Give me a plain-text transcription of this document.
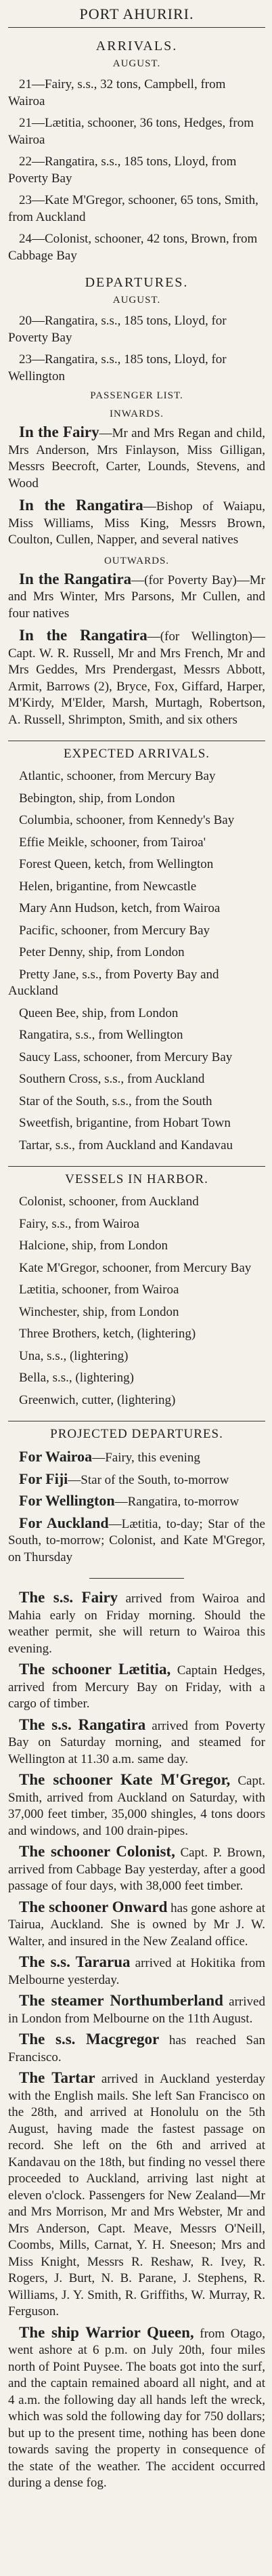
PORT AHURIRI.
ARRIVALS.
AUGUST.

21—Fairy, s.s., 32 tons, Campbell, from Wairoa

21—Lætitia, schooner, 36 tons, Hedges, from Wairoa

22—Rangatira, s.s., 185 tons, Lloyd, from Poverty Bay

23—Kate M'Gregor, schooner, 65 tons, Smith, from Auckland

24—Colonist, schooner, 42 tons, Brown, from Cabbage Bay

DEPARTURES.
AUGUST.

20—Rangatira, s.s., 185 tons, Lloyd, for Poverty Bay

23—Rangatira, s.s., 185 tons, Lloyd, for Wellington

PASSENGER LIST.
INWARDS.

In the Fairy—Mr and Mrs Regan and child, Mrs Anderson, Mrs Finlayson, Miss Gilligan, Messrs Beecroft, Carter, Lounds, Stevens, and Wood

In the Rangatira—Bishop of Waiapu, Miss Williams, Miss King, Messrs Brown, Coulton, Cullen, Napper, and several natives

OUTWARDS.

In the Rangatira—(for Poverty Bay)—Mr and Mrs Winter, Mrs Parsons, Mr Cullen, and four natives

In the Rangatira—(for Wellington)—Capt. W. R. Russell, Mr and Mrs French, Mr and Mrs Geddes, Mrs Prendergast, Messrs Abbott, Armit, Barrows (2), Bryce, Fox, Giffard, Harper, M'Kirdy, M'Elder, Marsh, Murtagh, Robertson, A. Russell, Shrimpton, Smith, and six others

EXPECTED ARRIVALS.

Atlantic, schooner, from Mercury Bay

Bebington, ship, from London

Columbia, schooner, from Kennedy's Bay

Effie Meikle, schooner, from Tairoa'

Forest Queen, ketch, from Wellington

Helen, brigantine, from Newcastle

Mary Ann Hudson, ketch, from Wairoa

Pacific, schooner, from Mercury Bay

Peter Denny, ship, from London

Pretty Jane, s.s., from Poverty Bay and Auckland

Queen Bee, ship, from London

Rangatira, s.s., from Wellington

Saucy Lass, schooner, from Mercury Bay

Southern Cross, s.s., from Auckland

Star of the South, s.s., from the South

Sweetfish, brigantine, from Hobart Town

Tartar, s.s., from Auckland and Kandavau

VESSELS IN HARBOR.

Colonist, schooner, from Auckland

Fairy, s.s., from Wairoa

Halcione, ship, from London

Kate M'Gregor, schooner, from Mercury Bay

Lætitia, schooner, from Wairoa

Winchester, ship, from London

Three Brothers, ketch, (lightering)

Una, s.s., (lightering)

Bella, s.s., (lightering)

Greenwich, cutter, (lightering)

PROJECTED DEPARTURES.

For Wairoa—Fairy, this evening

For Fiji—Star of the South, to-morrow

For Wellington—Rangatira, to-morrow

For Auckland—Lætitia, to-day; Star of the South, to-morrow; Colonist, and Kate M'Gregor, on Thursday

The s.s. Fairy arrived from Wairoa and Mahia early on Friday morning. Should the weather permit, she will return to Wairoa this evening.

The schooner Lætitia, Captain Hedges, arrived from Mercury Bay on Friday, with a cargo of timber.

The s.s. Rangatira arrived from Poverty Bay on Saturday morning, and steamed for Wellington at 11.30 a.m. same day.

The schooner Kate M'Gregor, Capt. Smith, arrived from Auckland on Saturday, with 37,000 feet timber, 35,000 shingles, 4 tons doors and windows, and 100 drain-pipes.

The schooner Colonist, Capt. P. Brown, arrived from Cabbage Bay yesterday, after a good passage of four days, with 38,000 feet timber.

The schooner Onward has gone ashore at Tairua, Auckland. She is owned by Mr J. W. Walter, and insured in the New Zealand office.

The s.s. Tararua arrived at Hokitika from Melbourne yesterday.

The steamer Northumberland arrived in London from Melbourne on the 11th August.

The s.s. Macgregor has reached San Francisco.

The Tartar arrived in Auckland yesterday with the English mails. She left San Francisco on the 28th, and arrived at Honolulu on the 5th August, having made the fastest passage on record. She left on the 6th and arrived at Kandavau on the 18th, but finding no vessel there proceeded to Auckland, arriving last night at eleven o'clock. Passengers for New Zealand—Mr and Mrs Morrison, Mr and Mrs Webster, Mr and Mrs Anderson, Capt. Meave, Messrs O'Neill, Coombs, Mills, Carnat, Y. H. Sneeson; Mrs and Miss Knight, Messrs R. Reshaw, R. Ivey, R. Rogers, J. Burt, N. B. Parane, J. Stephens, R. Williams, J. Y. Smith, R. Griffiths, W. Murray, R. Ferguson.

The ship Warrior Queen, from Otago, went ashore at 6 p.m. on July 20th, four miles north of Point Puysee. The boats got into the surf, and the captain remained aboard all night, and at 4 a.m. the following day all hands left the wreck, which was sold the following day for 750 dollars; but up to the present time, nothing has been done towards saving the property in consequence of the state of the weather. The accident occurred during a dense fog.
